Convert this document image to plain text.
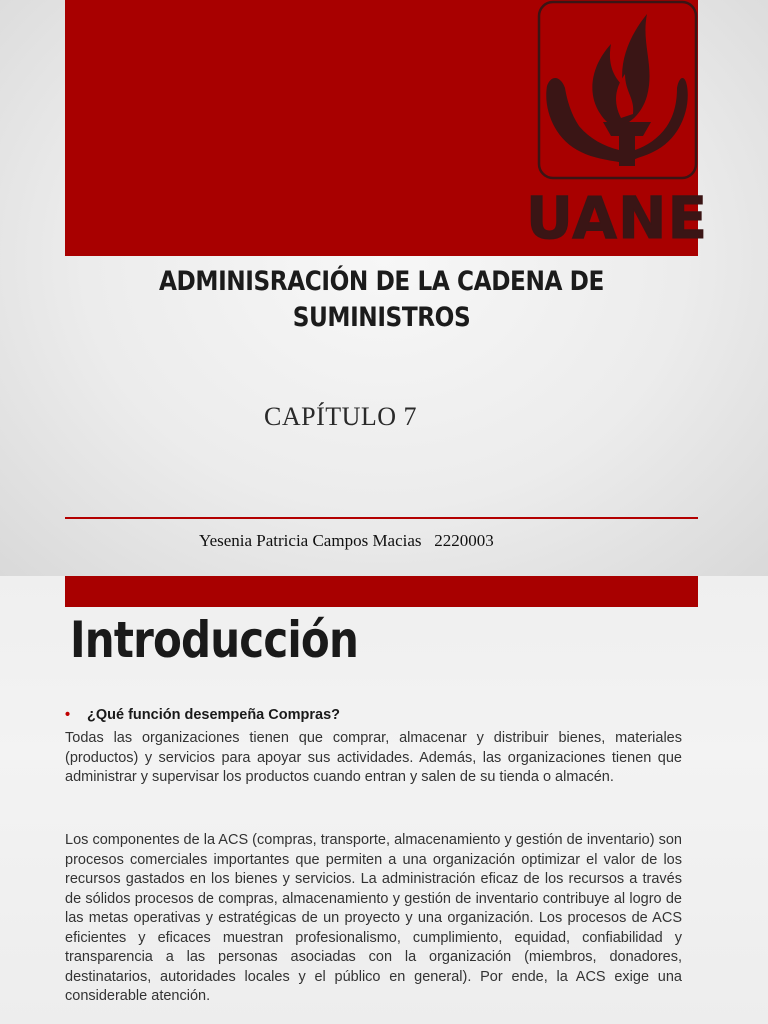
UANE
ADMINISRACIÓN DE LA CADENA DE SUMINISTROS
CAPÍTULO 7
Yesenia Patricia Campos Macias   2220003
Introducción
• ¿Qué función desempeña Compras?

Todas las organizaciones tienen que comprar, almacenar y distribuir bienes, materiales (productos) y servicios para apoyar sus actividades. Además, las organizaciones tienen que administrar y supervisar los productos cuando entran y salen de su tienda o almacén.

Los componentes de la ACS (compras, transporte, almacenamiento y gestión de inventario) son procesos comerciales importantes que permiten a una organización optimizar el valor de los recursos gastados en los bienes y servicios. La administración eficaz de los recursos a través de sólidos procesos de compras, almacenamiento y gestión de inventario contribuye al logro de las metas operativas y estratégicas de un proyecto y una organización. Los procesos de ACS eficientes y eficaces muestran profesionalismo, cumplimiento, equidad, confiabilidad y transparencia a las personas asociadas con la organización (miembros, donadores, destinatarios, autoridades locales y el público en general). Por ende, la ACS exige una considerable atención.
